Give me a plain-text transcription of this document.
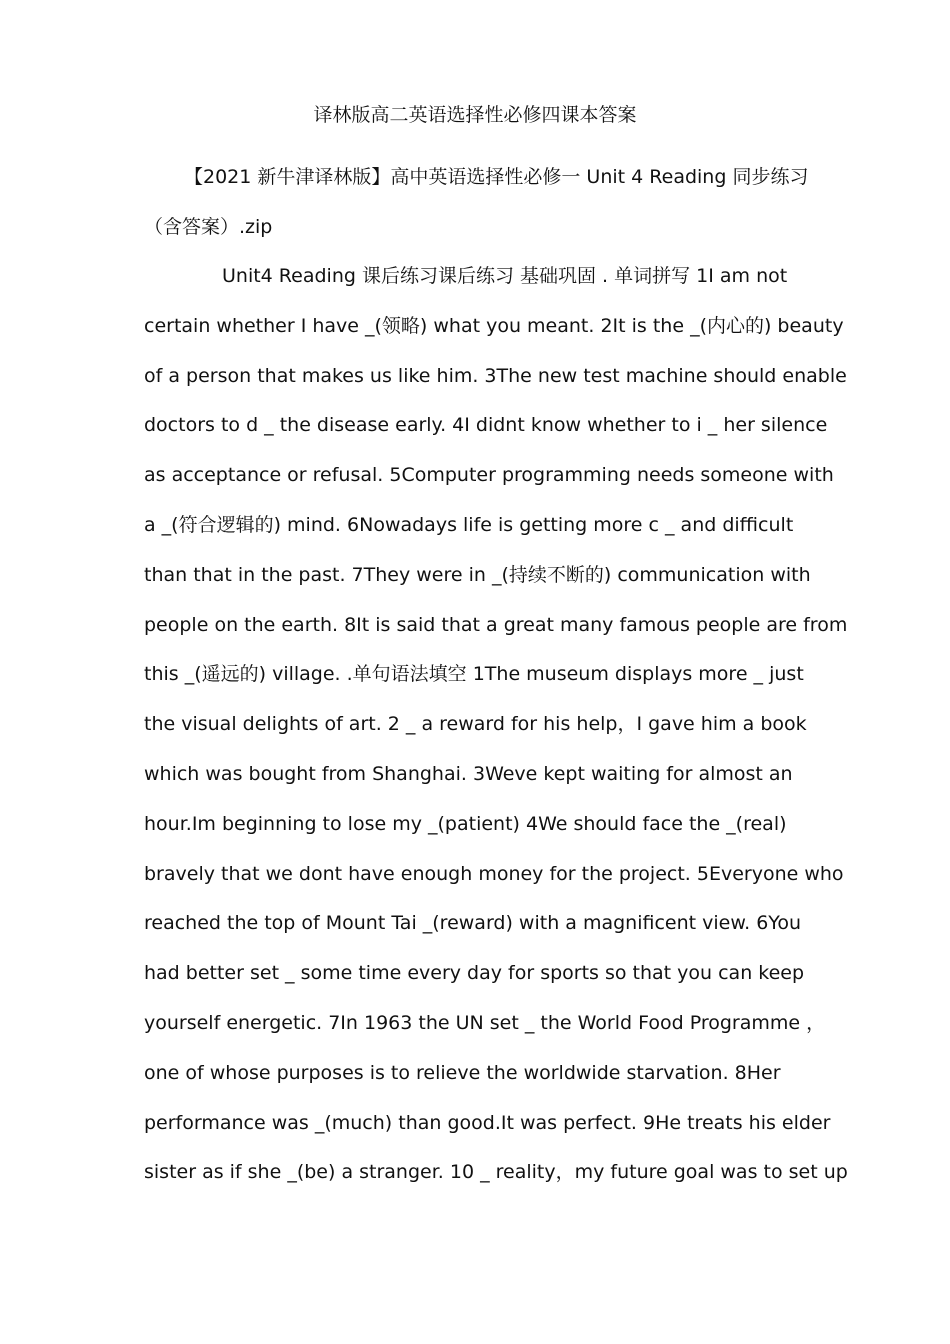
译林版高二英语选择性必修四课本答案

【2021 新牛津译林版】高中英语选择性必修一 Unit 4 Reading 同步练习（含答案）.zip

Unit4 Reading 课后练习课后练习 基础巩固 . 单词拼写 1I am not
certain whether I have _(领略) what you meant. 2It is the _(内心的) beauty
of a person that makes us like him. 3The new test machine should enable
doctors to d _ the disease early. 4I didnt know whether to i _ her silence
as acceptance or refusal. 5Computer programming needs someone with
a _(符合逻辑的) mind. 6Nowadays life is getting more c _ and difficult
than that in the past. 7They were in _(持续不断的) communication with
people on the earth. 8It is said that a great many famous people are from
this _(遥远的) village. .单句语法填空 1The museum displays more _ just
the visual delights of art. 2 _ a reward for his help，I gave him a book
which was bought from Shanghai. 3Weve kept waiting for almost an
hour.Im beginning to lose my _(patient) 4We should face the _(real)
bravely that we dont have enough money for the project. 5Everyone who
reached the top of Mount Tai _(reward) with a magnificent view. 6You
had better set _ some time every day for sports so that you can keep
yourself energetic. 7In 1963 the UN set _ the World Food Programme ，
one of whose purposes is to relieve the worldwide starvation. 8Her
performance was _(much) than good.It was perfect. 9He treats his elder
sister as if she _(be) a stranger. 10 _ reality，my future goal was to set up
